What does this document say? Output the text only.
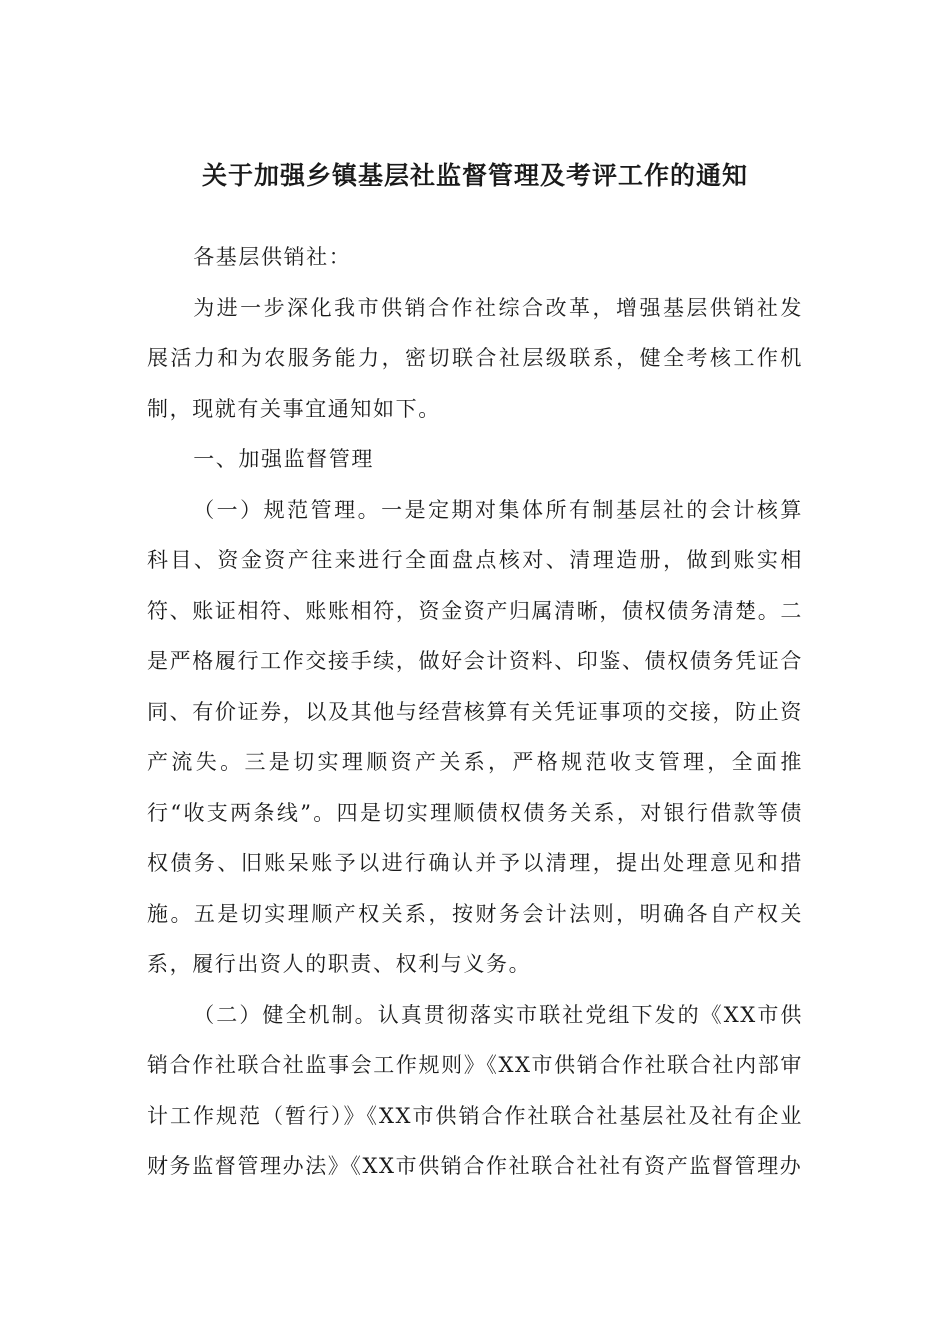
关于加强乡镇基层社监督管理及考评工作的通知

各基层供销社：

为进一步深化我市供销合作社综合改革，增强基层供销社发展活力和为农服务能力，密切联合社层级联系，健全考核工作机制，现就有关事宜通知如下。

一、加强监督管理

（一）规范管理。一是定期对集体所有制基层社的会计核算科目、资金资产往来进行全面盘点核对、清理造册，做到账实相符、账证相符、账账相符，资金资产归属清晰，债权债务清楚。二是严格履行工作交接手续，做好会计资料、印鉴、债权债务凭证合同、有价证券，以及其他与经营核算有关凭证事项的交接，防止资产流失。三是切实理顺资产关系，严格规范收支管理，全面推行“收支两条线”。四是切实理顺债权债务关系，对银行借款等债权债务、旧账呆账予以进行确认并予以清理，提出处理意见和措施。五是切实理顺产权关系，按财务会计法则，明确各自产权关系，履行出资人的职责、权利与义务。

（二）健全机制。认真贯彻落实市联社党组下发的《XX市供销合作社联合社监事会工作规则》《XX市供销合作社联合社内部审计工作规范（暂行）》《XX市供销合作社联合社基层社及社有企业财务监督管理办法》《XX市供销合作社联合社社有资产监督管理办
